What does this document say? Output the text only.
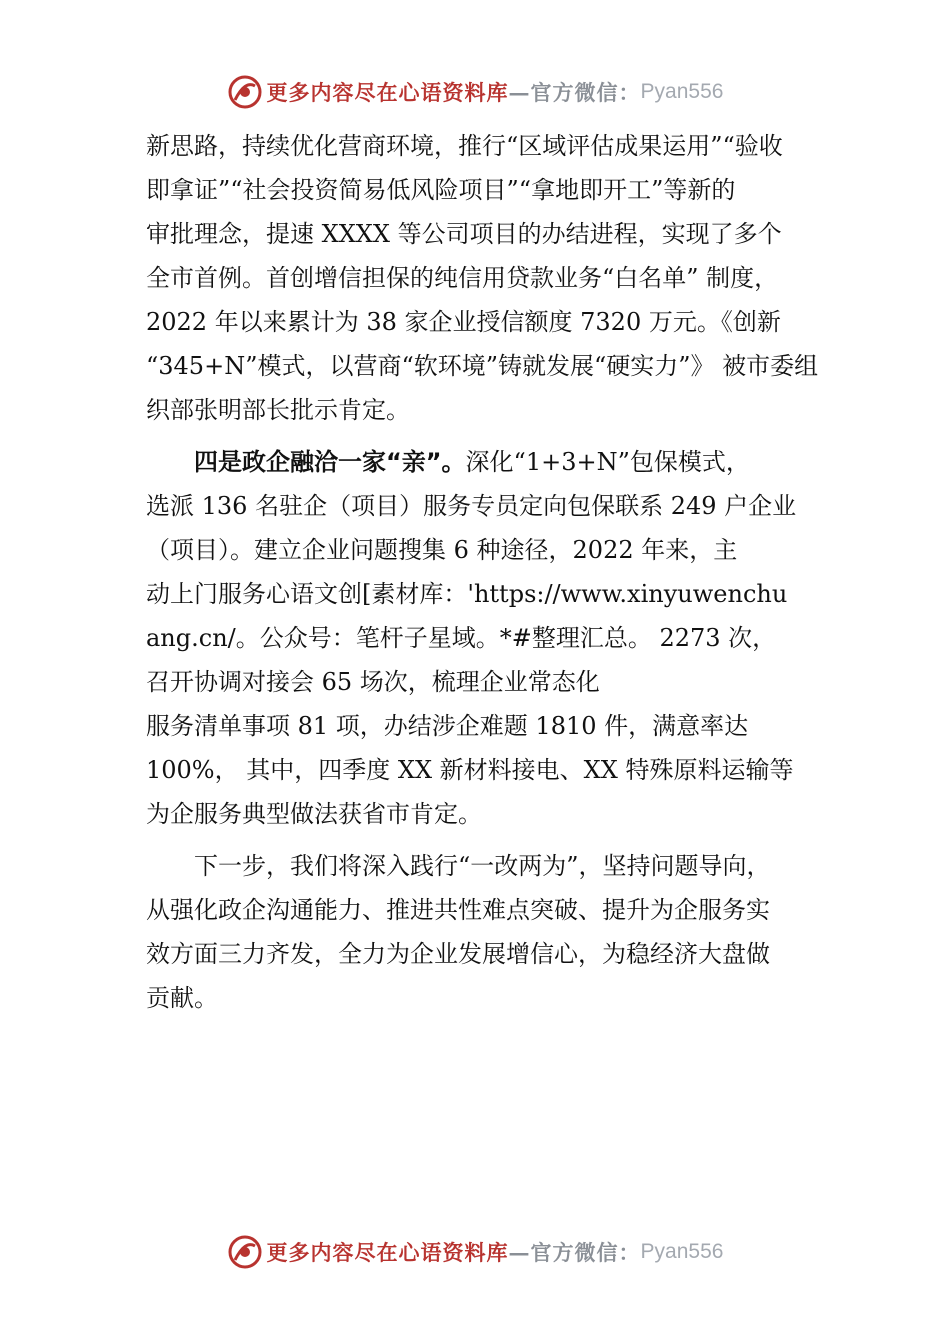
更多内容尽在心语资料库 —官方微信： Pyan556
新思路，持续优化营商环境，推行“区域评估成果运用”“验收
即拿证”“社会投资简易低风险项目”“拿地即开工”等新的
审批理念，提速 XXXX 等公司项目的办结进程，实现了多个
全市首例。首创增信担保的纯信用贷款业务“白名单” 制度，
2022 年以来累计为 38 家企业授信额度 7320 万元。《创新
“345+N”模式，以营商“软环境”铸就发展“硬实力”》 被市委组
织部张明部长批示肯定。
四是政企融洽一家“亲”。深化“1+3+N”包保模式，
选派 136 名驻企（项目）服务专员定向包保联系 249 户企业
（项目）。建立企业问题搜集 6 种途径，2022 年来，主
动上门服务心语文创[素材库：'https://www.xinyuwenchu
ang.cn/。公众号：笔杆子星域。*#整理汇总。 2273 次，
召开协调对接会 65 场次，梳理企业常态化
服务清单事项 81 项，办结涉企难题 1810 件，满意率达
100%， 其中，四季度 XX 新材料接电、XX 特殊原料运输等
为企服务典型做法获省市肯定。
下一步，我们将深入践行“一改两为”，坚持问题导向，
从强化政企沟通能力、推进共性难点突破、提升为企服务实
效方面三力齐发，全力为企业发展增信心，为稳经济大盘做
贡献。
更多内容尽在心语资料库 —官方微信： Pyan556
